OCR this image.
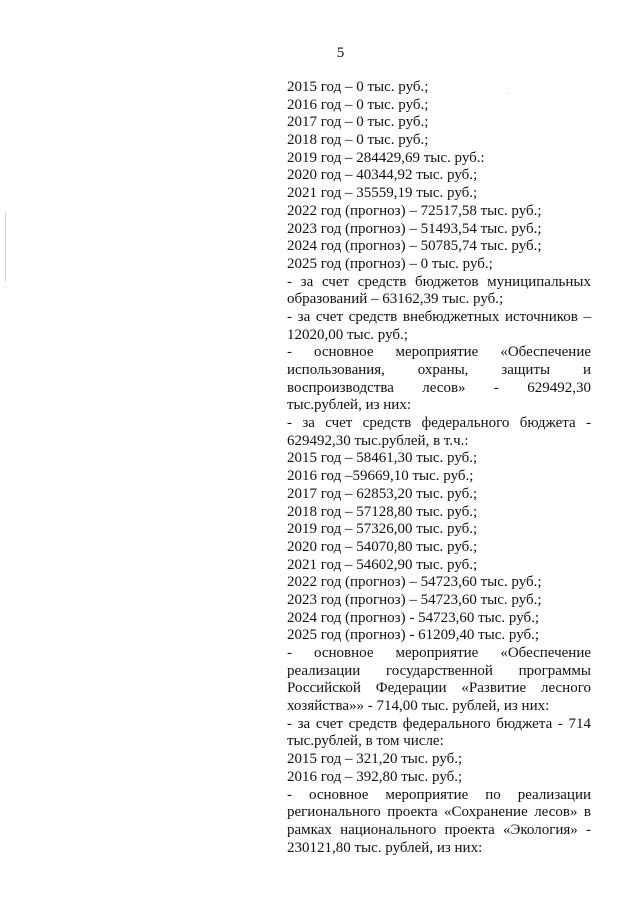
5
2015 год – 0 тыс. руб.;
2016 год – 0 тыс. руб.;
2017 год – 0 тыс. руб.;
2018 год – 0 тыс. руб.;
2019 год – 284429,69 тыс. руб.:
2020 год – 40344,92 тыс. руб.;
2021 год – 35559,19 тыс. руб.;
2022 год (прогноз) – 72517,58 тыс. руб.;
2023 год (прогноз) – 51493,54 тыс. руб.;
2024 год (прогноз) – 50785,74 тыс. руб.;
2025 год (прогноз) – 0 тыс. руб.;
- за счет средств бюджетов муниципальных
образований – 63162,39 тыс. руб.;
- за счет средств внебюджетных источников –
12020,00 тыс. руб.;
- основное мероприятие «Обеспечение
использования, охраны, защиты и
воспроизводства лесов» - 629492,30
тыс.рублей, из них:
- за счет средств федерального бюджета -
629492,30 тыс.рублей, в т.ч.:
2015 год – 58461,30 тыс. руб.;
2016 год –59669,10 тыс. руб.;
2017 год – 62853,20 тыс. руб.;
2018 год – 57128,80 тыс. руб.;
2019 год – 57326,00 тыс. руб.;
2020 год – 54070,80 тыс. руб.;
2021 год – 54602,90 тыс. руб.;
2022 год (прогноз) – 54723,60 тыс. руб.;
2023 год (прогноз) – 54723,60 тыс. руб.;
2024 год (прогноз) - 54723,60 тыс. руб.;
2025 год (прогноз) - 61209,40 тыс. руб.;
- основное мероприятие «Обеспечение
реализации государственной программы
Российской Федерации «Развитие лесного
хозяйства»» - 714,00 тыс. рублей, из них:
- за счет средств федерального бюджета - 714
тыс.рублей, в том числе:
2015 год – 321,20 тыс. руб.;
2016 год – 392,80 тыс. руб.;
- основное мероприятие по реализации
регионального проекта «Сохранение лесов» в
рамках национального проекта «Экология» -
230121,80 тыс. рублей, из них:
